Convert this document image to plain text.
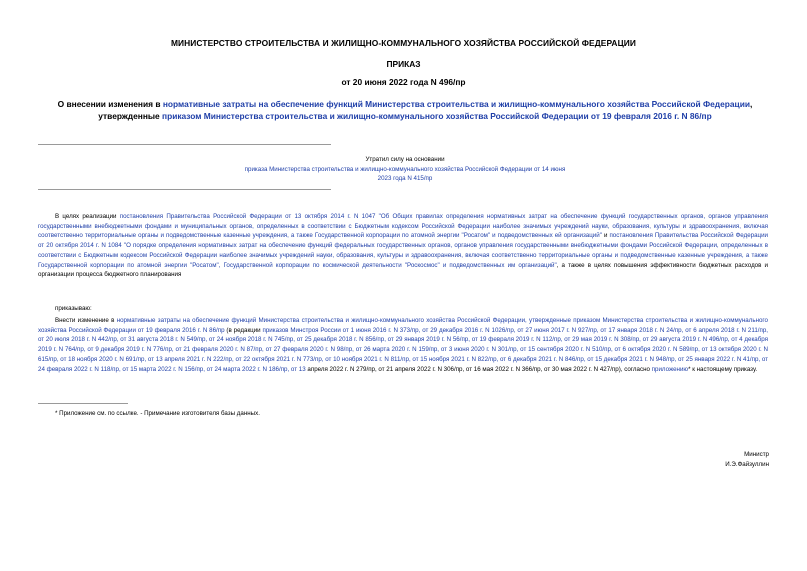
МИНИСТЕРСТВО СТРОИТЕЛЬСТВА И ЖИЛИЩНО-КОММУНАЛЬНОГО ХОЗЯЙСТВА РОССИЙСКОЙ ФЕДЕРАЦИИ
ПРИКАЗ
от 20 июня 2022 года N 496/пр
О внесении изменения в нормативные затраты на обеспечение функций Министерства строительства и жилищно-коммунального хозяйства Российской Федерации, утвержденные приказом Министерства строительства и жилищно-коммунального хозяйства Российской Федерации от 19 февраля 2016 г. N 86/пр
Утратил силу на основании
приказа Министерства строительства и жилищно-коммунального хозяйства Российской Федерации от 14 июня 2023 года N 415/пр
В целях реализации постановления Правительства Российской Федерации от 13 октября 2014 г. N 1047 "Об Общих правилах определения нормативных затрат на обеспечение функций государственных органов, органов управления государственными внебюджетными фондами и муниципальных органов, определенных в соответствии с Бюджетным кодексом Российской Федерации наиболее значимых учреждений науки, образования, культуры и здравоохранения, включая соответственно территориальные органы и подведомственные казенные учреждения, а также Государственной корпорации по атомной энергии "Росатом" и подведомственных ей организаций" и постановления Правительства Российской Федерации от 20 октября 2014 г. N 1084 "О порядке определения нормативных затрат на обеспечение функций федеральных государственных органов, органов управления государственными внебюджетными фондами Российской Федерации, определенных в соответствии с Бюджетным кодексом Российской Федерации наиболее значимых учреждений науки, образования, культуры и здравоохранения, включая соответственно территориальные органы и подведомственные казенные учреждения, а также Государственной корпорации по атомной энергии "Росатом", Государственной корпорации по космической деятельности "Роскосмос" и подведомственных им организаций", а также в целях повышения эффективности бюджетных расходов и организации процесса бюджетного планирования
приказываю:
Внести изменение в нормативные затраты на обеспечение функций Министерства строительства и жилищно-коммунального хозяйства Российской Федерации, утвержденные приказом Министерства строительства и жилищно-коммунального хозяйства Российской Федерации от 19 февраля 2016 г. N 86/пр (в редакции приказов Минстроя России от 1 июня 2016 г. N 373/пр, от 29 декабря 2016 г. N 1026/пр, от 27 июня 2017 г. N 927/пр, от 17 января 2018 г. N 24/пр, от 6 апреля 2018 г. N 211/пр, от 20 июля 2018 г. N 442/пр, от 31 августа 2018 г. N 549/пр, от 24 ноября 2018 г. N 745/пр, от 25 декабря 2018 г. N 856/пр, от 29 января 2019 г. N 56/пр, от 19 февраля 2019 г. N 112/пр, от 29 мая 2019 г. N 308/пр, от 29 августа 2019 г. N 496/пр, от 4 декабря 2019 г. N 764/пр, от 9 декабря 2019 г. N 776/пр, от 21 февраля 2020 г. N 87/пр, от 27 февраля 2020 г. N 98/пр, от 26 марта 2020 г. N 159/пр, от 3 июня 2020 г. N 301/пр, от 15 сентября 2020 г. N 510/пр, от 6 октября 2020 г. N 589/пр, от 13 октября 2020 г. N 615/пр, от 18 ноября 2020 г. N 691/пр, от 13 апреля 2021 г. N 222/пр, от 22 октября 2021 г. N 773/пр, от 10 ноября 2021 г. N 811/пр, от 15 ноября 2021 г. N 822/пр, от 6 декабря 2021 г. N 846/пр, от 15 декабря 2021 г. N 948/пр, от 25 января 2022 г. N 41/пр, от 24 февраля 2022 г. N 118/пр, от 15 марта 2022 г. N 156/пр, от 24 марта 2022 г. N 186/пр, от 13 апреля 2022 г. N 279/пр, от 21 апреля 2022 г. N 306/пр, от 16 мая 2022 г. N 366/пр, от 30 мая 2022 г. N 427/пр), согласно приложению* к настоящему приказу.
* Приложение см. по ссылке. - Примечание изготовителя базы данных.
Министр
И.Э.Файзуллин
